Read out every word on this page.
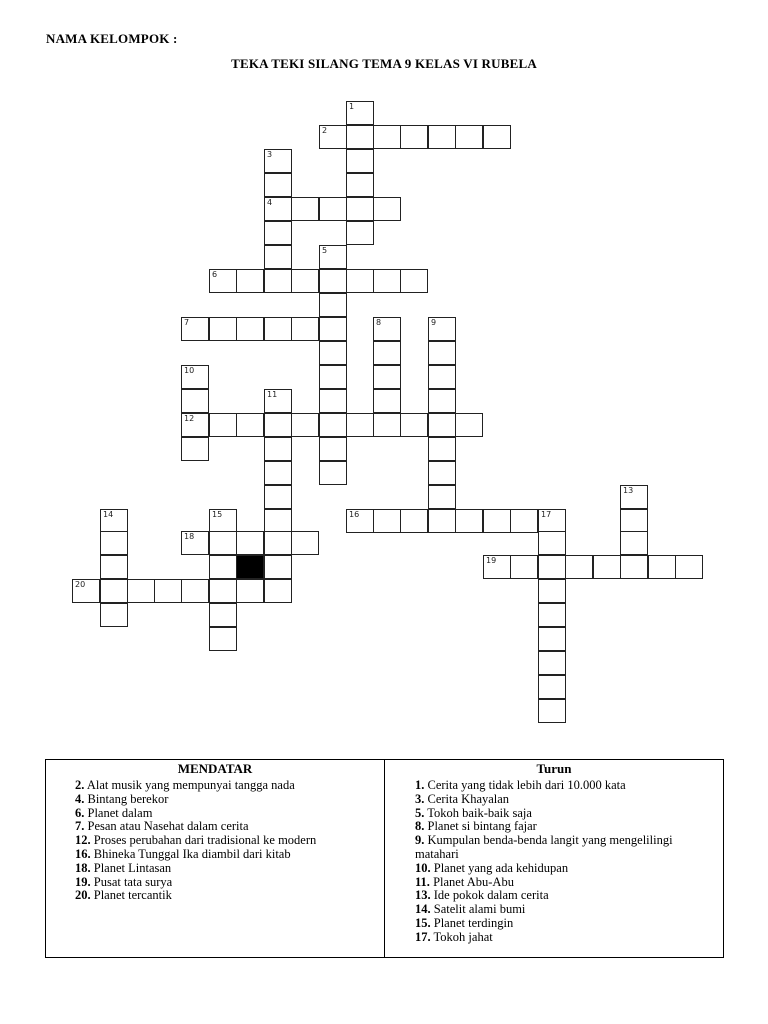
NAMA KELOMPOK :
TEKA TEKI SILANG TEMA 9 KELAS VI RUBELA
1
2
3
4
5
6
7	8	9
10
12
11
13
14	15	16	17
18
19
20
MENDATAR
2. Alat musik yang mempunyai tangga nada
4. Bintang berekor
6. Planet dalam
7. Pesan atau Nasehat dalam cerita
12. Proses perubahan dari tradisional ke modern
16. Bhineka Tunggal Ika diambil dari kitab
18. Planet Lintasan
19. Pusat tata surya
20. Planet tercantik
Turun
1. Cerita yang tidak lebih dari 10.000 kata
3. Cerita Khayalan
5. Tokoh baik-baik saja
8. Planet si bintang fajar
9. Kumpulan benda-benda langit yang mengelilingi matahari
10. Planet yang ada kehidupan
11. Planet Abu-Abu
13. Ide pokok dalam cerita
14. Satelit alami bumi
15. Planet terdingin
17. Tokoh jahat
